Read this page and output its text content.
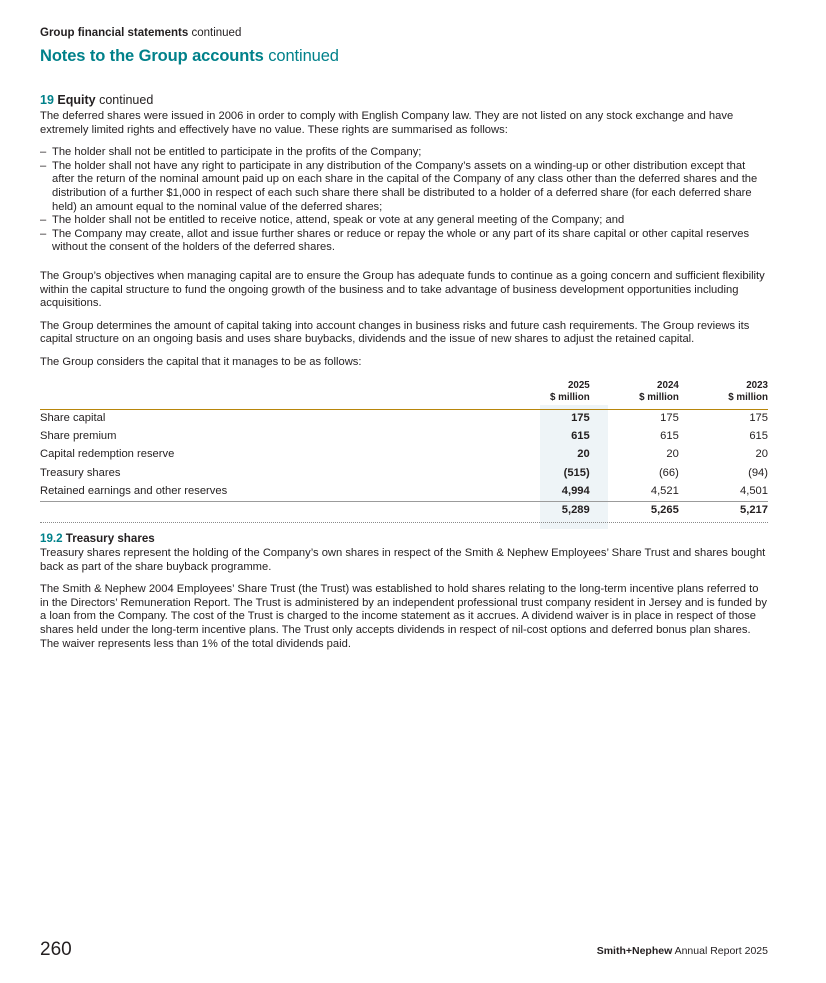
Group financial statements continued
Notes to the Group accounts continued
19 Equity continued

The deferred shares were issued in 2006 in order to comply with English Company law. They are not listed on any stock exchange and have extremely limited rights and effectively have no value. These rights are summarised as follows:

– The holder shall not be entitled to participate in the profits of the Company;
– The holder shall not have any right to participate in any distribution of the Company’s assets on a winding-up or other distribution except that after the return of the nominal amount paid up on each share in the capital of the Company of any class other than the deferred shares and the distribution of a further $1,000 in respect of each such share there shall be distributed to a holder of a deferred share (for each deferred share held) an amount equal to the nominal value of the deferred shares;
– The holder shall not be entitled to receive notice, attend, speak or vote at any general meeting of the Company; and
– The Company may create, allot and issue further shares or reduce or repay the whole or any part of its share capital or other capital reserves without the consent of the holders of the deferred shares.

The Group’s objectives when managing capital are to ensure the Group has adequate funds to continue as a going concern and sufficient flexibility within the capital structure to fund the ongoing growth of the business and to take advantage of business development opportunities including acquisitions.

The Group determines the amount of capital taking into account changes in business risks and future cash requirements. The Group reviews its capital structure on an ongoing basis and uses share buybacks, dividends and the issue of new shares to adjust the retained capital.

The Group considers the capital that it manages to be as follows:

	2025	2024	2023
	$ million	$ million	$ million

Share capital	175	175	175
Share premium	615	615	615
Capital redemption reserve	20	20	20
Treasury shares	(515)	(66)	(94)
Retained earnings and other reserves	4,994	4,521	4,501
	5,289	5,265	5,217
19.2 Treasury shares

Treasury shares represent the holding of the Company’s own shares in respect of the Smith & Nephew Employees’ Share Trust and shares bought back as part of the share buyback programme.

The Smith & Nephew 2004 Employees’ Share Trust (the Trust) was established to hold shares relating to the long-term incentive plans referred to in the Directors’ Remuneration Report. The Trust is administered by an independent professional trust company resident in Jersey and is funded by a loan from the Company. The cost of the Trust is charged to the income statement as it accrues. A dividend waiver is in place in respect of those shares held under the long-term incentive plans. The Trust only accepts dividends in respect of nil-cost options and deferred bonus plan shares. The waiver represents less than 1% of the total dividends paid.

260	Smith+Nephew Annual Report 2025
